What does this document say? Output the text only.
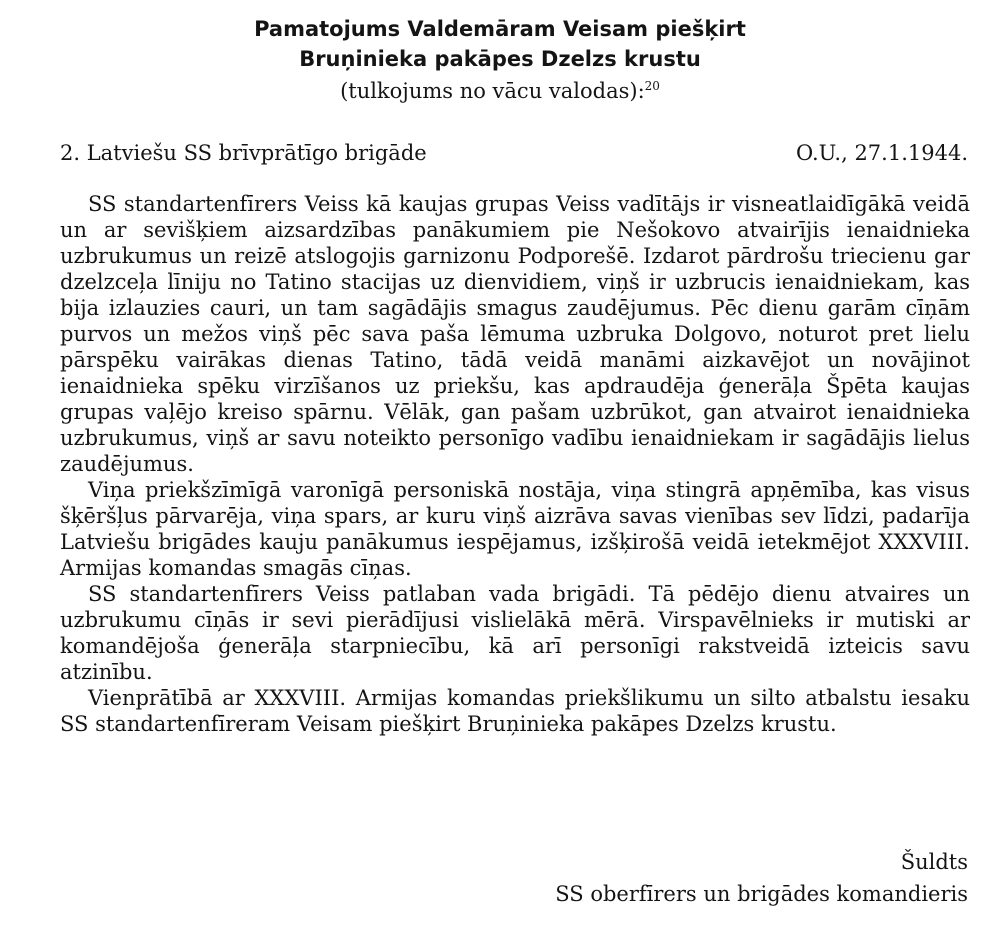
Pamatojums Valdemāram Veisam piešķirt
Bruņinieka pakāpes Dzelzs krustu
(tulkojums no vācu valodas):$^{20}$
2. Latviešu SS brīvprātīgo brigāde	O.U., 27.1.1944.

SS standartenfīrers Veiss kā kaujas grupas Veiss vadītājs ir visneatlaidīgākā veidā un ar sevišķiem aizsardzības panākumiem pie Nešokovo atvairījis ienaidnieka uzbrukumus un reizē atslogojis garnizonu Podporešē. Izdarot pārdrošu triecienu gar dzelzceļa līniju no Tatino stacijas uz dienvidiem, viņš ir uzbrucis ienaidniekam, kas bija izlauzies cauri, un tam sagādājis smagus zaudējumus. Pēc dienu garām cīņām purvos un mežos viņš pēc sava paša lēmuma uzbruka Dolgovo, noturot pret lielu pārspēku vairākas dienas Tatino, tādā veidā manāmi aizkavējot un novājinot ienaidnieka spēku virzīšanos uz priekšu, kas apdraudēja ģenerāļa Špēta kaujas grupas vaļējo kreiso spārnu. Vēlāk, gan pašam uzbrūkot, gan atvairot ienaidnieka uzbrukumus, viņš ar savu noteikto personīgo vadību ienaidniekam ir sagādājis lielus zaudējumus.

Viņa priekšzīmīgā varonīgā personiskā nostāja, viņa stingrā apņēmība, kas visus šķēršļus pārvarēja, viņa spars, ar kuru viņš aizrāva savas vienības sev līdzi, padarīja Latviešu brigādes kauju panākumus iespējamus, izšķirošā veidā ietekmējot XXXVIII. Armijas komandas smagās cīņas.

SS standartenfīrers Veiss patlaban vada brigādi. Tā pēdējo dienu atvaires un uzbrukumu cīņās ir sevi pierādījusi vislielākā mērā. Virspavēlnieks ir mutiski ar komandējoša ģenerāļa starpniecību, kā arī personīgi rakstveidā izteicis savu atzinību.

Vienprātībā ar XXXVIII. Armijas komandas priekšlikumu un silto atbalstu iesaku SS standartenfīreram Veisam piešķirt Bruņinieka pakāpes Dzelzs krustu.

Šuldts
SS oberfīrers un brigādes komandieris
